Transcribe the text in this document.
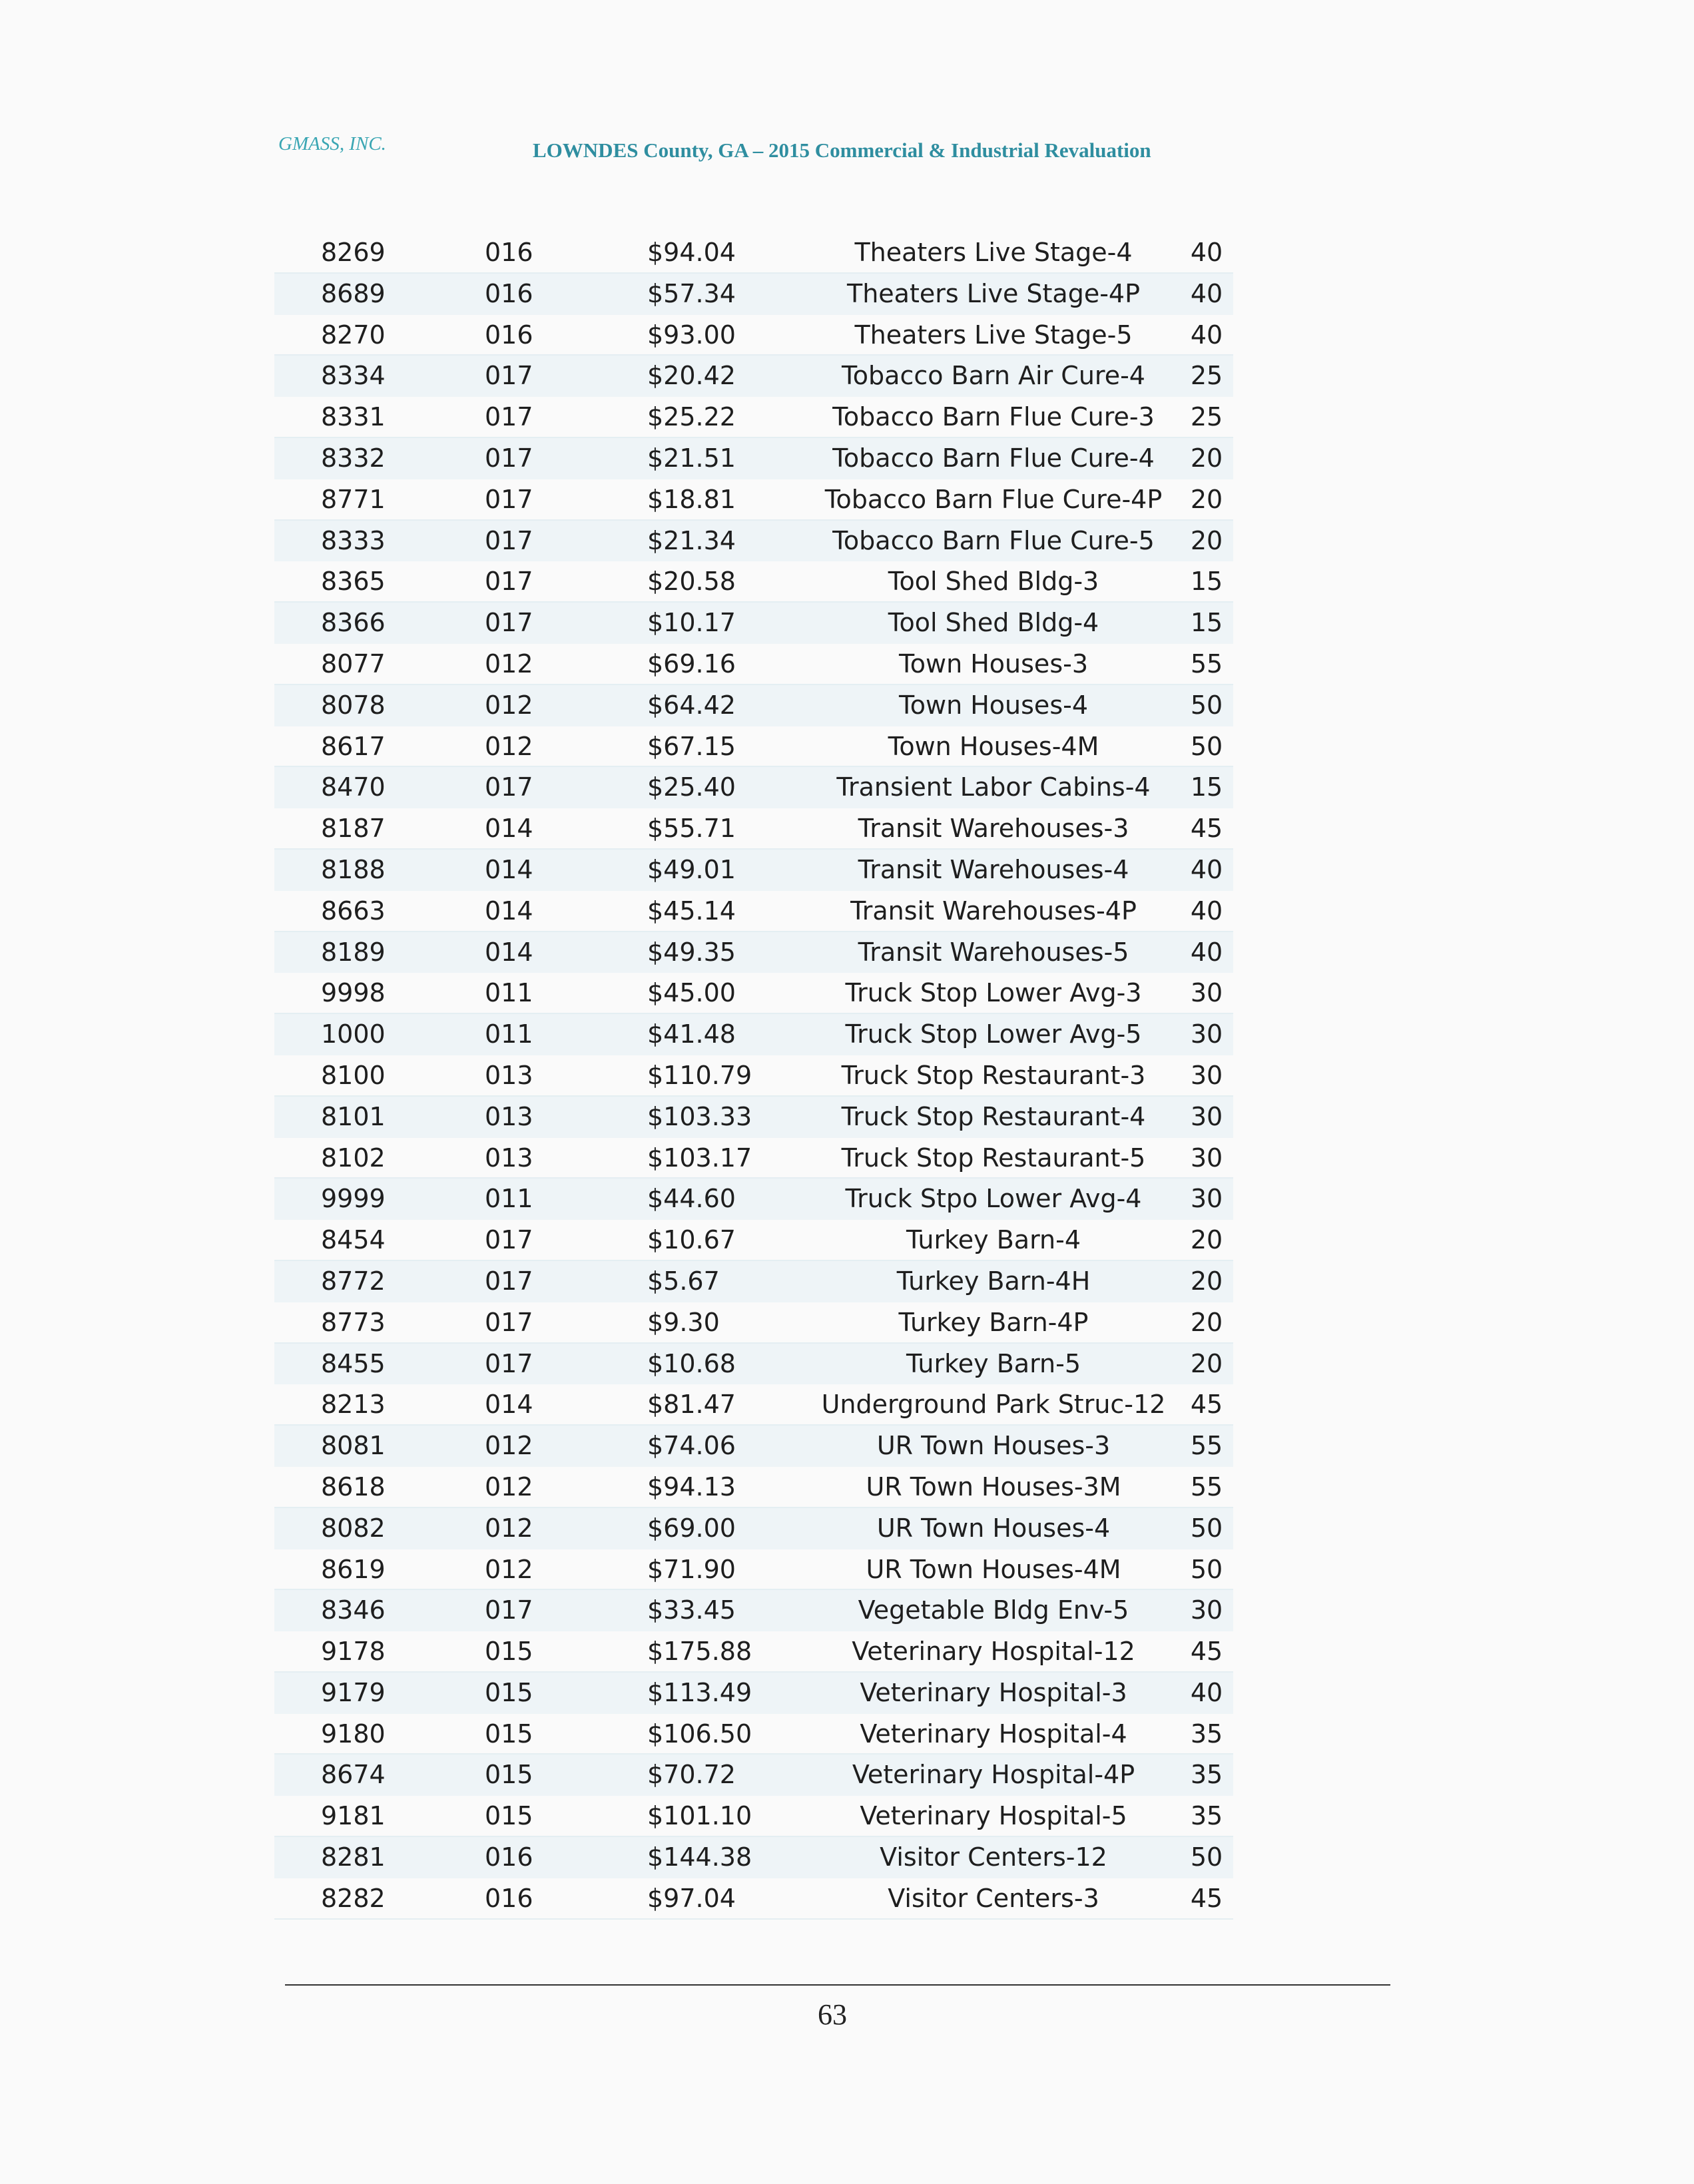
GMASS, INC.	LOWNDES County, GA – 2015 Commercial & Industrial Revaluation
8269	016	$94.04	Theaters Live Stage-4	40
8689	016	$57.34	Theaters Live Stage-4P	40
8270	016	$93.00	Theaters Live Stage-5	40
8334	017	$20.42	Tobacco Barn Air Cure-4	25
8331	017	$25.22	Tobacco Barn Flue Cure-3	25
8332	017	$21.51	Tobacco Barn Flue Cure-4	20
8771	017	$18.81	Tobacco Barn Flue Cure-4P	20
8333	017	$21.34	Tobacco Barn Flue Cure-5	20
8365	017	$20.58	Tool Shed Bldg-3	15
8366	017	$10.17	Tool Shed Bldg-4	15
8077	012	$69.16	Town Houses-3	55
8078	012	$64.42	Town Houses-4	50
8617	012	$67.15	Town Houses-4M	50
8470	017	$25.40	Transient Labor Cabins-4	15
8187	014	$55.71	Transit Warehouses-3	45
8188	014	$49.01	Transit Warehouses-4	40
8663	014	$45.14	Transit Warehouses-4P	40
8189	014	$49.35	Transit Warehouses-5	40
9998	011	$45.00	Truck Stop Lower Avg-3	30
1000	011	$41.48	Truck Stop Lower Avg-5	30
8100	013	$110.79	Truck Stop Restaurant-3	30
8101	013	$103.33	Truck Stop Restaurant-4	30
8102	013	$103.17	Truck Stop Restaurant-5	30
9999	011	$44.60	Truck Stpo Lower Avg-4	30
8454	017	$10.67	Turkey Barn-4	20
8772	017	$5.67	Turkey Barn-4H	20
8773	017	$9.30	Turkey Barn-4P	20
8455	017	$10.68	Turkey Barn-5	20
8213	014	$81.47	Underground Park Struc-12 45
8081	012	$74.06	UR Town Houses-3	55
8618	012	$94.13	UR Town Houses-3M	55
8082	012	$69.00	UR Town Houses-4	50
8619	012	$71.90	UR Town Houses-4M	50
8346	017	$33.45	Vegetable Bldg Env-5	30
9178	015	$175.88	Veterinary Hospital-12	45
9179	015	$113.49	Veterinary Hospital-3	40
9180	015	$106.50	Veterinary Hospital-4	35
8674	015	$70.72	Veterinary Hospital-4P	35
9181	015	$101.10	Veterinary Hospital-5	35
8281	016	$144.38	Visitor Centers-12	50
8282	016	$97.04	Visitor Centers-3	45
63
